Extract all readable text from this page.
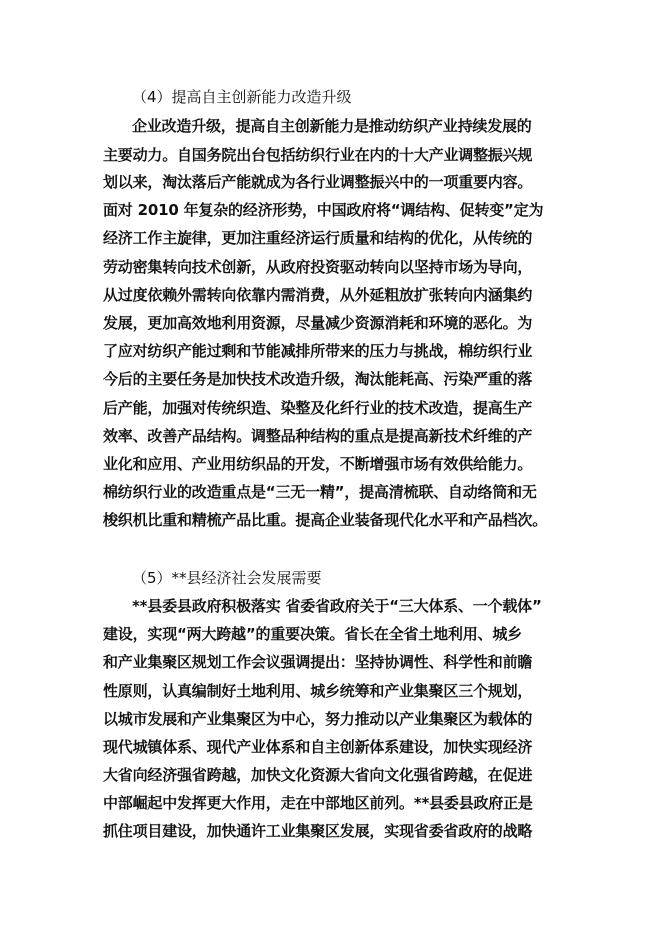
（4）提高自主创新能力改造升级
企业改造升级，提高自主创新能力是推动纺织产业持续发展的
主要动力。自国务院出台包括纺织行业在内的十大产业调整振兴规
划以来，淘汰落后产能就成为各行业调整振兴中的一项重要内容。
面对 2010 年复杂的经济形势，中国政府将“调结构、促转变”定为
经济工作主旋律，更加注重经济运行质量和结构的优化，从传统的
劳动密集转向技术创新，从政府投资驱动转向以坚持市场为导向，
从过度依赖外需转向依靠内需消费，从外延粗放扩张转向内涵集约
发展，更加高效地利用资源，尽量减少资源消耗和环境的恶化。为
了应对纺织产能过剩和节能减排所带来的压力与挑战，棉纺织行业
今后的主要任务是加快技术改造升级，淘汰能耗高、污染严重的落
后产能，加强对传统织造、染整及化纤行业的技术改造，提高生产
效率、改善产品结构。调整品种结构的重点是提高新技术纤维的产
业化和应用、产业用纺织品的开发，不断增强市场有效供给能力。
棉纺织行业的改造重点是“三无一精”，提高清梳联、自动络筒和无
梭织机比重和精梳产品比重。提高企业装备现代化水平和产品档次。
（5）**县经济社会发展需要
**县委县政府积极落实 省委省政府关于“三大体系、一个载体”
建设，实现“两大跨越”的重要决策。省长在全省土地利用、城乡
和产业集聚区规划工作会议强调提出：坚持协调性、科学性和前瞻
性原则，认真编制好土地利用、城乡统筹和产业集聚区三个规划，
以城市发展和产业集聚区为中心，努力推动以产业集聚区为载体的
现代城镇体系、现代产业体系和自主创新体系建设，加快实现经济
大省向经济强省跨越，加快文化资源大省向文化强省跨越，在促进
中部崛起中发挥更大作用，走在中部地区前列。**县委县政府正是
抓住项目建设，加快通许工业集聚区发展，实现省委省政府的战略
